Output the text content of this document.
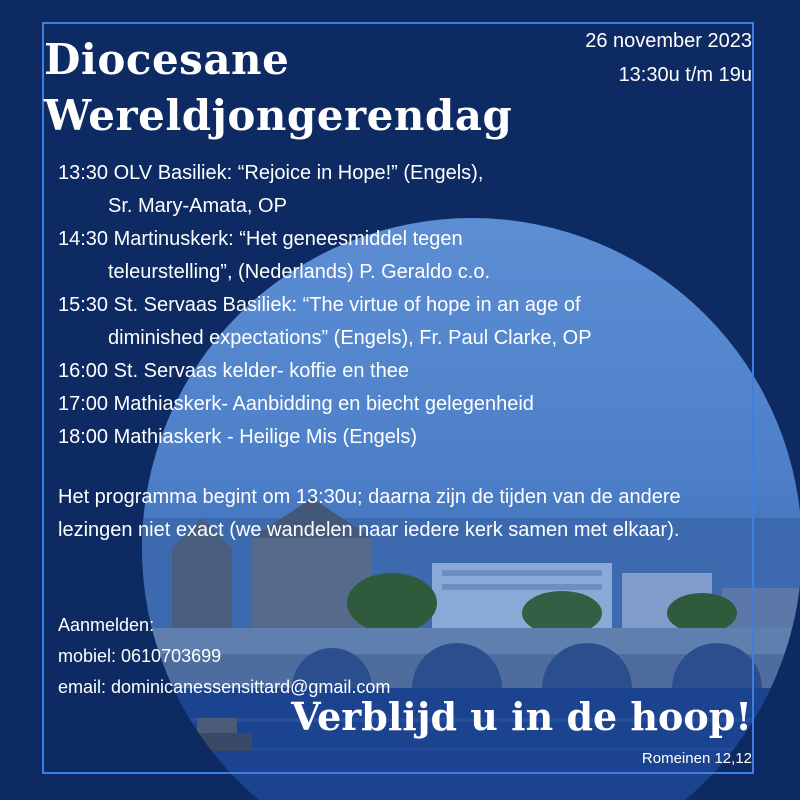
Diocesane
Wereldjongerendag
26 november 2023
13:30u t/m 19u
13:30 OLV Basiliek: “Rejoice in Hope!” (Engels),
Sr. Mary-Amata, OP
14:30 Martinuskerk: “Het geneesmiddel tegen
teleurstelling”, (Nederlands) P. Geraldo c.o.
15:30 St. Servaas Basiliek: “The virtue of hope in an age of
diminished expectations” (Engels), Fr. Paul Clarke, OP
16:00 St. Servaas kelder- koffie en thee
17:00 Mathiaskerk- Aanbidding en biecht gelegenheid
18:00 Mathiaskerk - Heilige Mis (Engels)
Het programma begint om 13:30u; daarna zijn de tijden van de andere lezingen niet exact (we wandelen naar iedere kerk samen met elkaar).
Aanmelden:
mobiel: 0610703699
email: dominicanessensittard@gmail.com
Verblijd u in de hoop!
Romeinen 12,12
